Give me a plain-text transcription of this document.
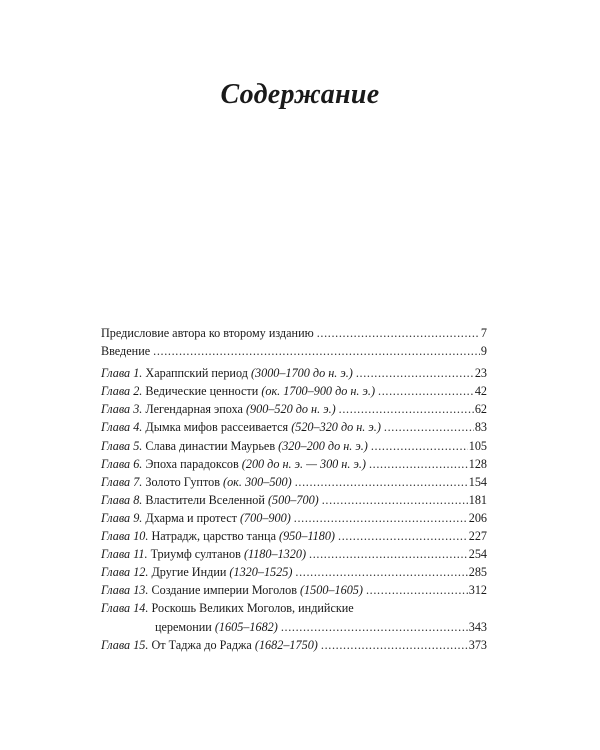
Содержание
Предисловие автора ко второму изданию . . .	7
Введение . . .	9
Глава 1. Хараппский период (3000–1700 до н. э.) . . .	23
Глава 2. Ведические ценности (ок. 1700–900 до н. э.) . . .	42
Глава 3. Легендарная эпоха (900–520 до н. э.) . . .	62
Глава 4. Дымка мифов рассеивается (520–320 до н. э.) . . .	83
Глава 5. Слава династии Маурьев (320–200 до н. э.) . . .	105
Глава 6. Эпоха парадоксов (200 до н. э. — 300 н. э.) . . .	128
Глава 7. Золото Гуптов (ок. 300–500) . . .	154
Глава 8. Властители Вселенной (500–700) . . .	181
Глава 9. Дхарма и протест (700–900) . . .	206
Глава 10. Натрадж, царство танца (950–1180) . . .	227
Глава 11. Триумф султанов (1180–1320) . . .	254
Глава 12. Другие Индии (1320–1525) . . .	285
Глава 13. Создание империи Моголов (1500–1605) . . .	312
Глава 14. Роскошь Великих Моголов, индийские
церемонии (1605–1682) . . .	343
Глава 15. От Таджа до Раджа (1682–1750) . . .	373
